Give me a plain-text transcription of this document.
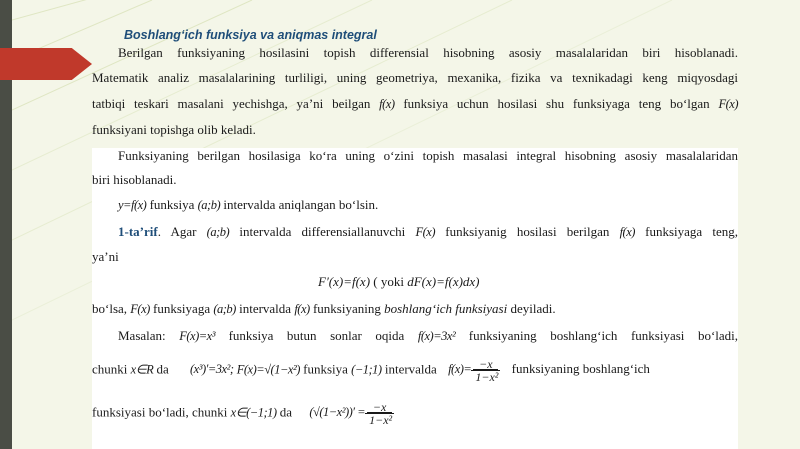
Boshlang‘ich funksiya va aniqmas integral
Berilgan funksiyaning hosilasini topish differensial hisobning asosiy masalalaridan biri hisoblanadi.
Matematik analiz masalalarining turliligi, uning geometriya, mexanika, fizika va texnikadagi keng miqyosdagi
tatbiqi teskari masalani yechishga, ya’ni beilgan f(x) funksiya uchun hosilasi shu funksiyaga teng bo‘lgan F(x)
funksiyani topishga olib keladi.
Funksiyaning berilgan hosilasiga ko‘ra uning o‘zini topish masalasi integral hisobning asosiy masalalaridan
biri hisoblanadi.
y=f(x) funksiya (a;b) intervalda aniqlangan bo‘lsin.
1-ta’rif. Agar (a;b) intervalda differensiallanuvchi F(x) funksiyanig hosilasi berilgan f(x) funksiyaga teng,
ya’ni
F′(x)=f(x) ( yoki dF(x)=f(x)dx)
bo‘lsa, F(x) funksiyaga (a;b) intervalda f(x) funksiyaning boshlang‘ich funksiyasi deyiladi.
Masalan: F(x)=x³ funksiya butun sonlar oqida f(x)=3x² funksiyaning boshlang‘ich funksiyasi bo‘ladi,
chunki x∈R da (x³)′=3x²; F(x)=√(1−x²) funksiya (−1;1) intervalda $f(x)= \frac{-x}{\text{1−x²}}$ funksiyaning boshlang‘ich
funksiyasi bo‘ladi, chunki x∈(−1;1) da $(√(1-x^2))' = \frac{-x}{\text{1−x²}}$
